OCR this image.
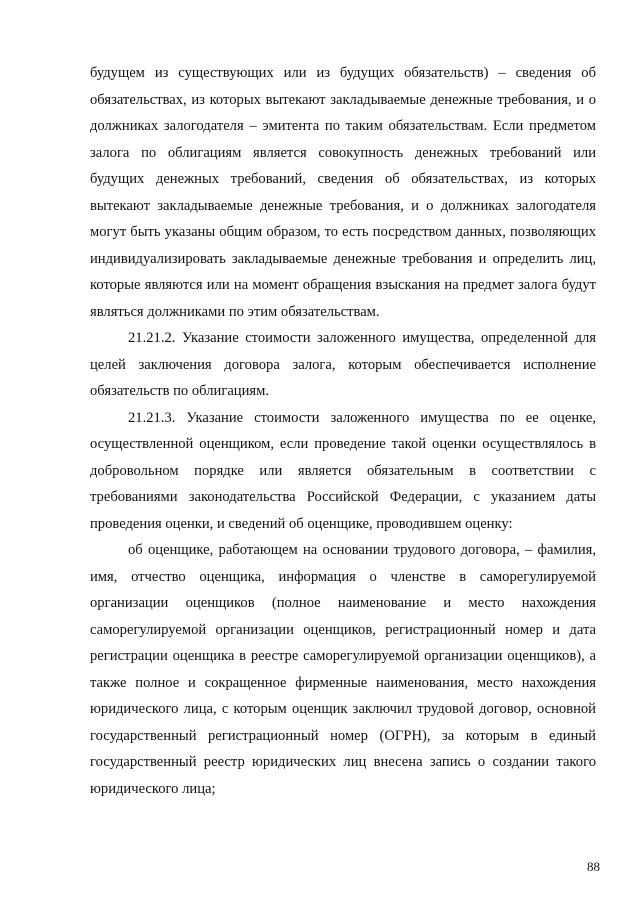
будущем из существующих или из будущих обязательств) – сведения об обязательствах, из которых вытекают закладываемые денежные требования, и о должниках залогодателя – эмитента по таким обязательствам. Если предметом залога по облигациям является совокупность денежных требований или будущих денежных требований, сведения об обязательствах, из которых вытекают закладываемые денежные требования, и о должниках залогодателя могут быть указаны общим образом, то есть посредством данных, позволяющих индивидуализировать закладываемые денежные требования и определить лиц, которые являются или на момент обращения взыскания на предмет залога будут являться должниками по этим обязательствам.

21.21.2. Указание стоимости заложенного имущества, определенной для целей заключения договора залога, которым обеспечивается исполнение обязательств по облигациям.

21.21.3. Указание стоимости заложенного имущества по ее оценке, осуществленной оценщиком, если проведение такой оценки осуществлялось в добровольном порядке или является обязательным в соответствии с требованиями законодательства Российской Федерации, с указанием даты проведения оценки, и сведений об оценщике, проводившем оценку:

об оценщике, работающем на основании трудового договора, – фамилия, имя, отчество оценщика, информация о членстве в саморегулируемой организации оценщиков (полное наименование и место нахождения саморегулируемой организации оценщиков, регистрационный номер и дата регистрации оценщика в реестре саморегулируемой организации оценщиков), а также полное и сокращенное фирменные наименования, место нахождения юридического лица, с которым оценщик заключил трудовой договор, основной государственный регистрационный номер (ОГРН), за которым в единый государственный реестр юридических лиц внесена запись о создании такого юридического лица;

88
